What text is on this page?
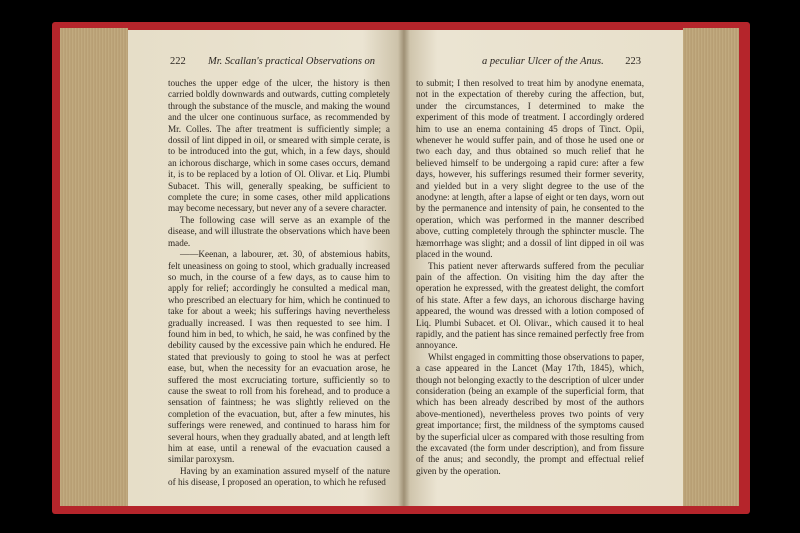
222 Mr. Scallan's practical Observations on

touches the upper edge of the ulcer, the history is then carried boldly downwards and outwards, cutting completely through the substance of the muscle, and making the wound and the ulcer one continuous surface, as recommended by Mr. Colles. The after treatment is sufficiently simple; a dossil of lint dipped in oil, or smeared with simple cerate, is to be introduced into the gut, which, in a few days, should an ichorous discharge, which in some cases occurs, demand it, is to be replaced by a lotion of Ol. Olivar. et Liq. Plumbi Subacet. This will, generally speaking, be sufficient to complete the cure; in some cases, other mild applications may become necessary, but never any of a severe character.

The following case will serve as an example of the disease, and will illustrate the observations which have been made.

——Keenan, a labourer, æt. 30, of abstemious habits, felt uneasiness on going to stool, which gradually increased so much, in the course of a few days, as to cause him to apply for relief; accordingly he consulted a medical man, who prescribed an electuary for him, which he continued to take for about a week; his sufferings having nevertheless gradually increased. I was then requested to see him. I found him in bed, to which, he said, he was confined by the debility caused by the excessive pain which he endured. He stated that previously to going to stool he was at perfect ease, but, when the necessity for an evacuation arose, he suffered the most excruciating torture, sufficiently so to cause the sweat to roll from his forehead, and to produce a sensation of faintness; he was slightly relieved on the completion of the evacuation, but, after a few minutes, his sufferings were renewed, and continued to harass him for several hours, when they gradually abated, and at length left him at ease, until a renewal of the evacuation caused a similar paroxysm.

Having by an examination assured myself of the nature of his disease, I proposed an operation, to which he refused

a peculiar Ulcer of the Anus. 223

to submit; I then resolved to treat him by anodyne enemata, not in the expectation of thereby curing the affection, but, under the circumstances, I determined to make the experiment of this mode of treatment. I accordingly ordered him to use an enema containing 45 drops of Tinct. Opii, whenever he would suffer pain, and of those he used one or two each day, and thus obtained so much relief that he believed himself to be undergoing a rapid cure: after a few days, however, his sufferings resumed their former severity, and yielded but in a very slight degree to the use of the anodyne: at length, after a lapse of eight or ten days, worn out by the permanence and intensity of pain, he consented to the operation, which was performed in the manner described above, cutting completely through the sphincter muscle. The hæmorrhage was slight; and a dossil of lint dipped in oil was placed in the wound.

This patient never afterwards suffered from the peculiar pain of the affection. On visiting him the day after the operation he expressed, with the greatest delight, the comfort of his state. After a few days, an ichorous discharge having appeared, the wound was dressed with a lotion composed of Liq. Plumbi Subacet. et Ol. Olivar., which caused it to heal rapidly, and the patient has since remained perfectly free from annoyance.

Whilst engaged in committing those observations to paper, a case appeared in the Lancet (May 17th, 1845), which, though not belonging exactly to the description of ulcer under consideration (being an example of the superficial form, that which has been already described by most of the authors above-mentioned), nevertheless proves two points of very great importance; first, the mildness of the symptoms caused by the superficial ulcer as compared with those resulting from the excavated (the form under description), and from fissure of the anus; and secondly, the prompt and effectual relief given by the operation.
